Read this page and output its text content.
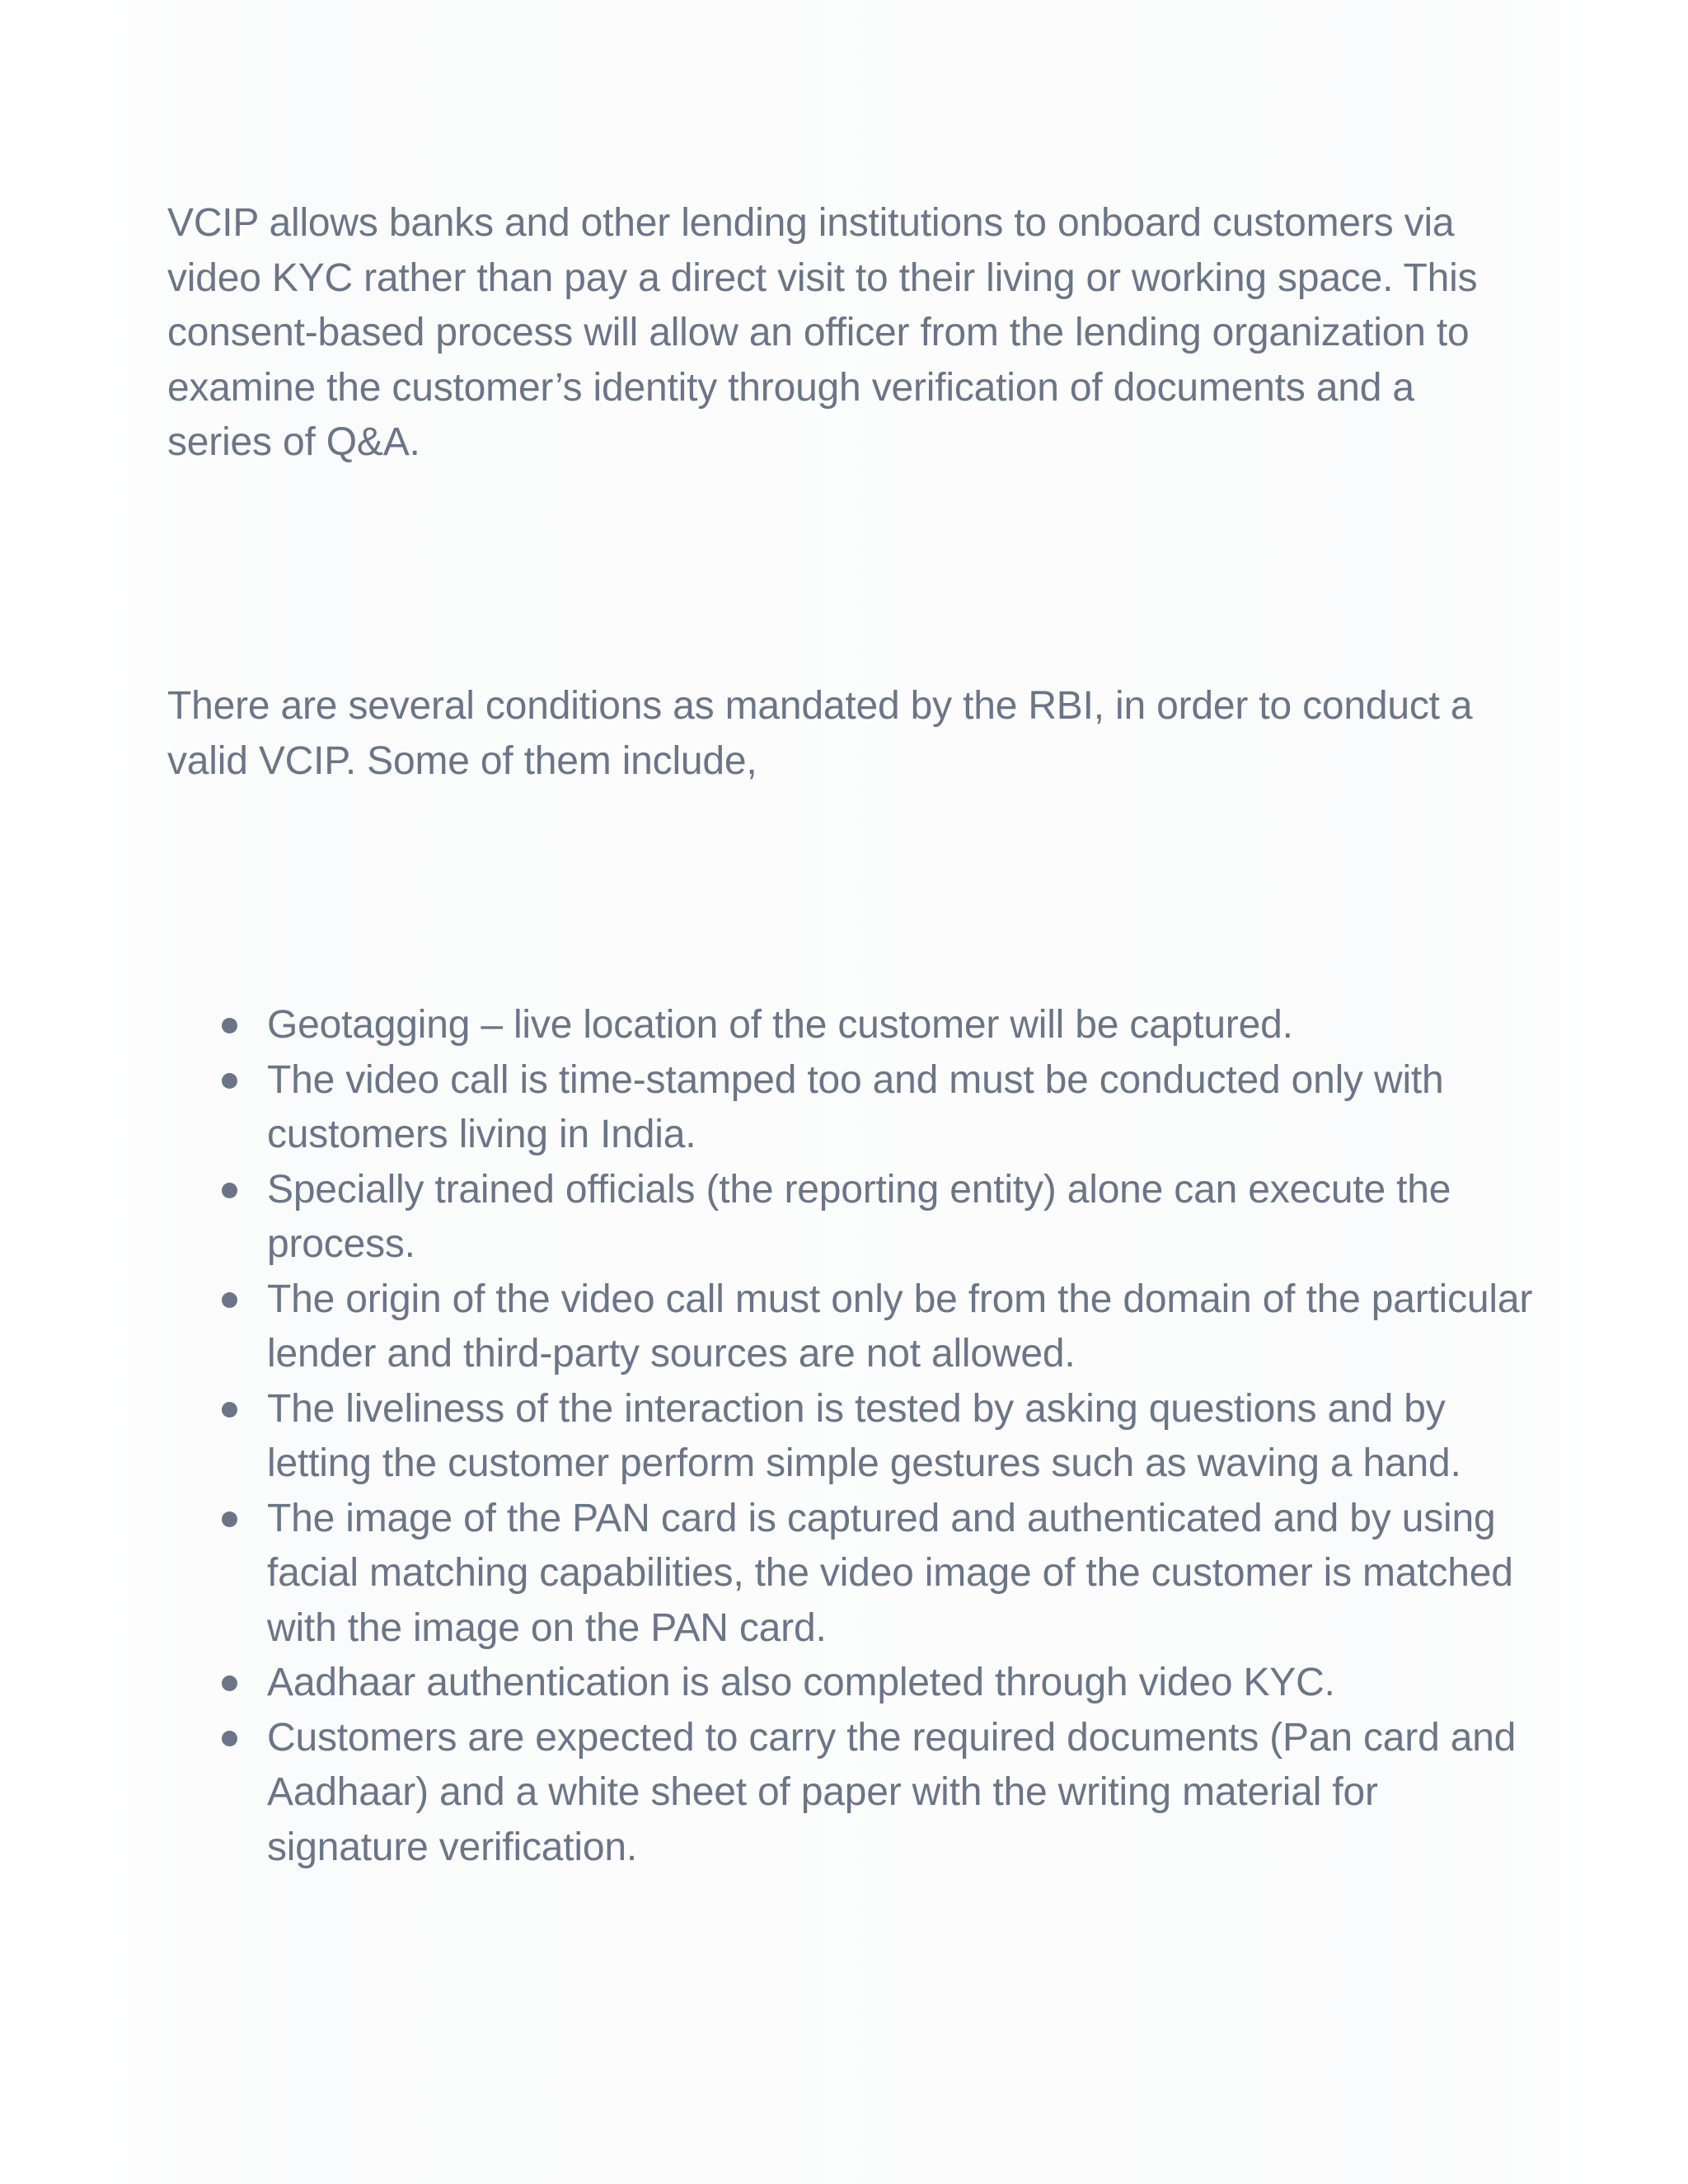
VCIP allows banks and other lending institutions to onboard customers via video KYC rather than pay a direct visit to their living or working space. This consent-based process will allow an officer from the lending organization to examine the customer’s identity through verification of documents and a series of Q&A.

There are several conditions as mandated by the RBI, in order to conduct a valid VCIP. Some of them include,

Geotagging – live location of the customer will be captured.
The video call is time-stamped too and must be conducted only with customers living in India.
Specially trained officials (the reporting entity) alone can execute the process.
The origin of the video call must only be from the domain of the particular lender and third-party sources are not allowed.
The liveliness of the interaction is tested by asking questions and by letting the customer perform simple gestures such as waving a hand.
The image of the PAN card is captured and authenticated and by using facial matching capabilities, the video image of the customer is matched with the image on the PAN card.
Aadhaar authentication is also completed through video KYC.
Customers are expected to carry the required documents (Pan card and Aadhaar) and a white sheet of paper with the writing material for signature verification.
